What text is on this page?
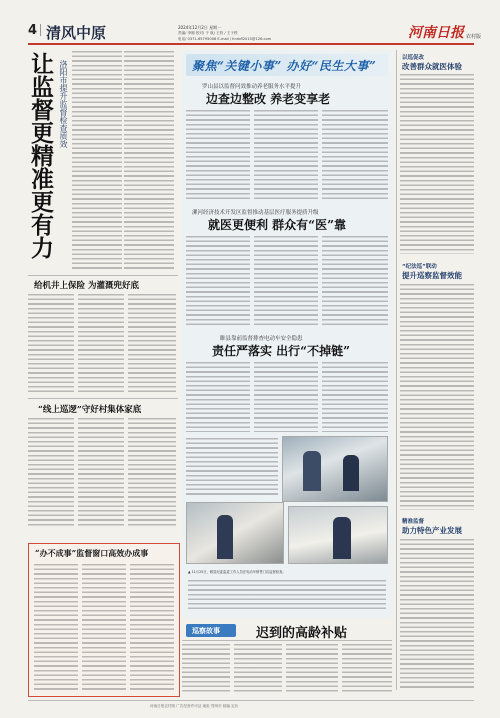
4 清风中原	2024年12月2日 星期一
责编/ 李刚 校对/ 于 航/ 王钧 / 王子轶
电话/ 0371-65795006 E-mail / hnrbfl2015@126.com	河南日报 农村版
让监督更精准更有力 洛阳市提升监督检查质效
给机井上保险 为灌溉兜好底
“线上巡逻”守好村集体家底
“办不成事”监督窗口高效办成事
聚焦“关键小事” 办好“民生大事”
罗山县以监督问效推动养老服务水平提升
边查边整改 养老变享老
漯河经济技术开发区监督推动基层医疗服务提质升级
就医更便利 群众有“医”靠
睢县靠前监督排查电动车安全隐患
责任严落实 出行“不掉链”
▲ 11月25日，睢县纪委监委工作人员在电动车销售门店监督检查。
以巡促改
改善群众就医体验
“纪法巡”联动
提升巡察监督效能
精准监督
助力特色产业发展
巡察故事	迟到的高龄补贴
河南日报农村版 广告经营许可证 地址 郑州市 邮编 定价
